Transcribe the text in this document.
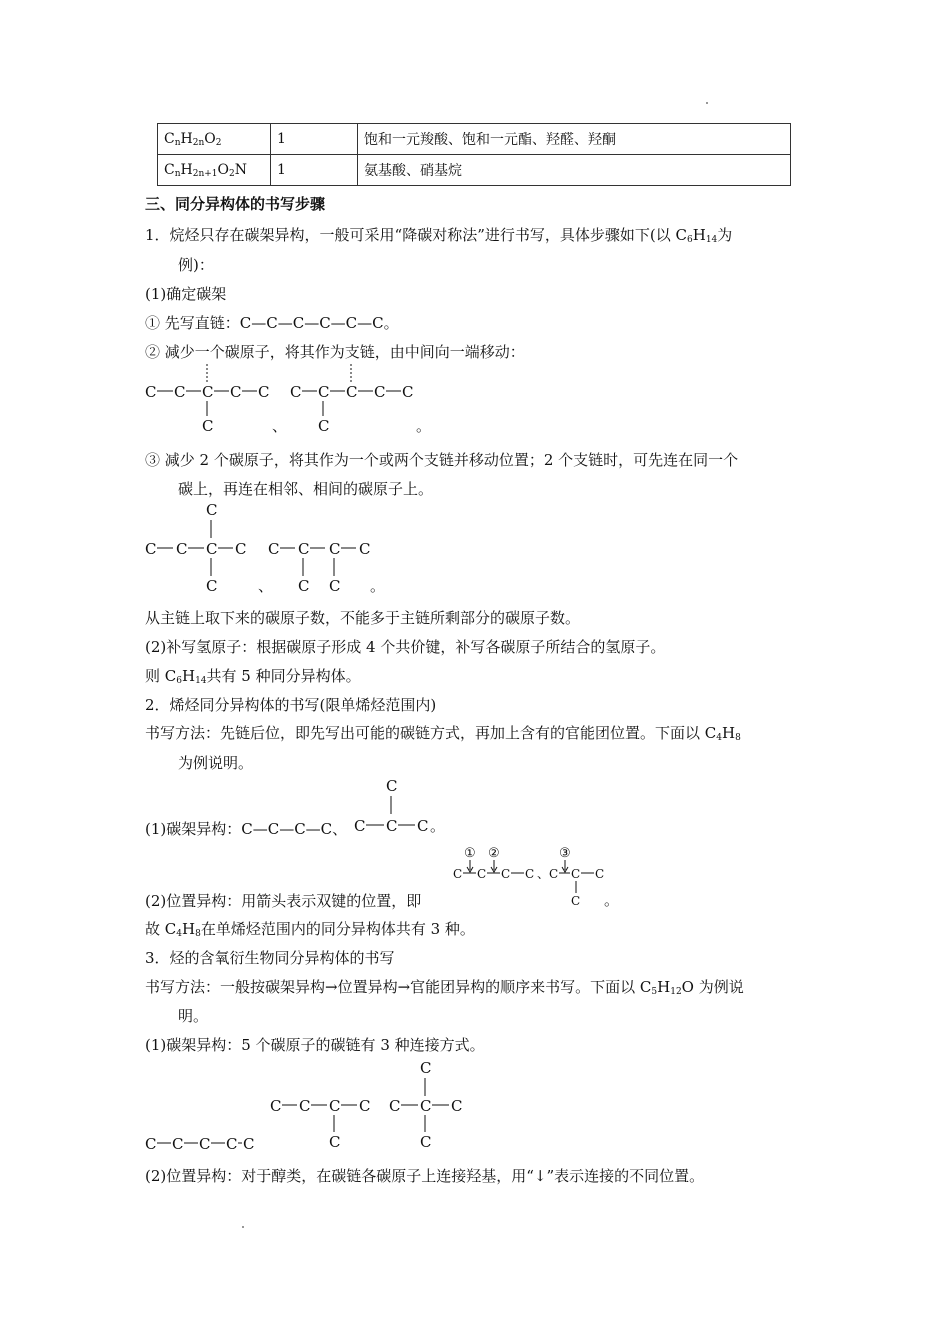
$C_nH_{2n}O_2$	1	饱和一元羧酸、饱和一元酯、羟醛、羟酮
$C_nH_{2n+1}O_2N$	1	氨基酸、硝基烷
三、同分异构体的书写步骤
1．烷烃只存在碳架异构，一般可采用“降碳对称法”进行书写，具体步骤如下(以 $C_6H_{14}$为
例)：
(1)确定碳架
① 先写直链：C—C—C—C—C—C。
② 减少一个碳原子，将其作为支链，由中间向一端移动：
C C C C C
C	、
C C C C C
C	。
③ 减少 2 个碳原子，将其作为一个或两个支链并移动位置；2 个支链时，可先连在同一个
碳上，再连在相邻、相间的碳原子上。
C
C C C C
C	、
C C C C
C C 。
从主链上取下来的碳原子数，不能多于主链所剩部分的碳原子数。
(2)补写氢原子：根据碳原子形成 4 个共价键，补写各碳原子所结合的氢原子。
则 $C_6H_{14}$共有 5 种同分异构体。
2．烯烃同分异构体的书写(限单烯烃范围内)
书写方法：先链后位，即先写出可能的碳链方式，再加上含有的官能团位置。下面以 $C_4H_8$
为例说明。
(1)碳架异构：C—C—C—C、
C
C C C 。
(2)位置异构：用箭头表示双键的位置，即
① ②
C C C C 、
③
C C C
C 。
故 $C_4H_8$在单烯烃范围内的同分异构体共有 3 种。
3．烃的含氧衍生物同分异构体的书写
书写方法：一般按碳架异构→位置异构→官能团异构的顺序来书写。下面以 $C_5H_{12}O$ 为例说
明。
(1)碳架异构：5 个碳原子的碳链有 3 种连接方式。
C C C C C
C C C C
C
C
C C C
C
(2)位置异构：对于醇类，在碳链各碳原子上连接羟基，用“↓”表示连接的不同位置。
